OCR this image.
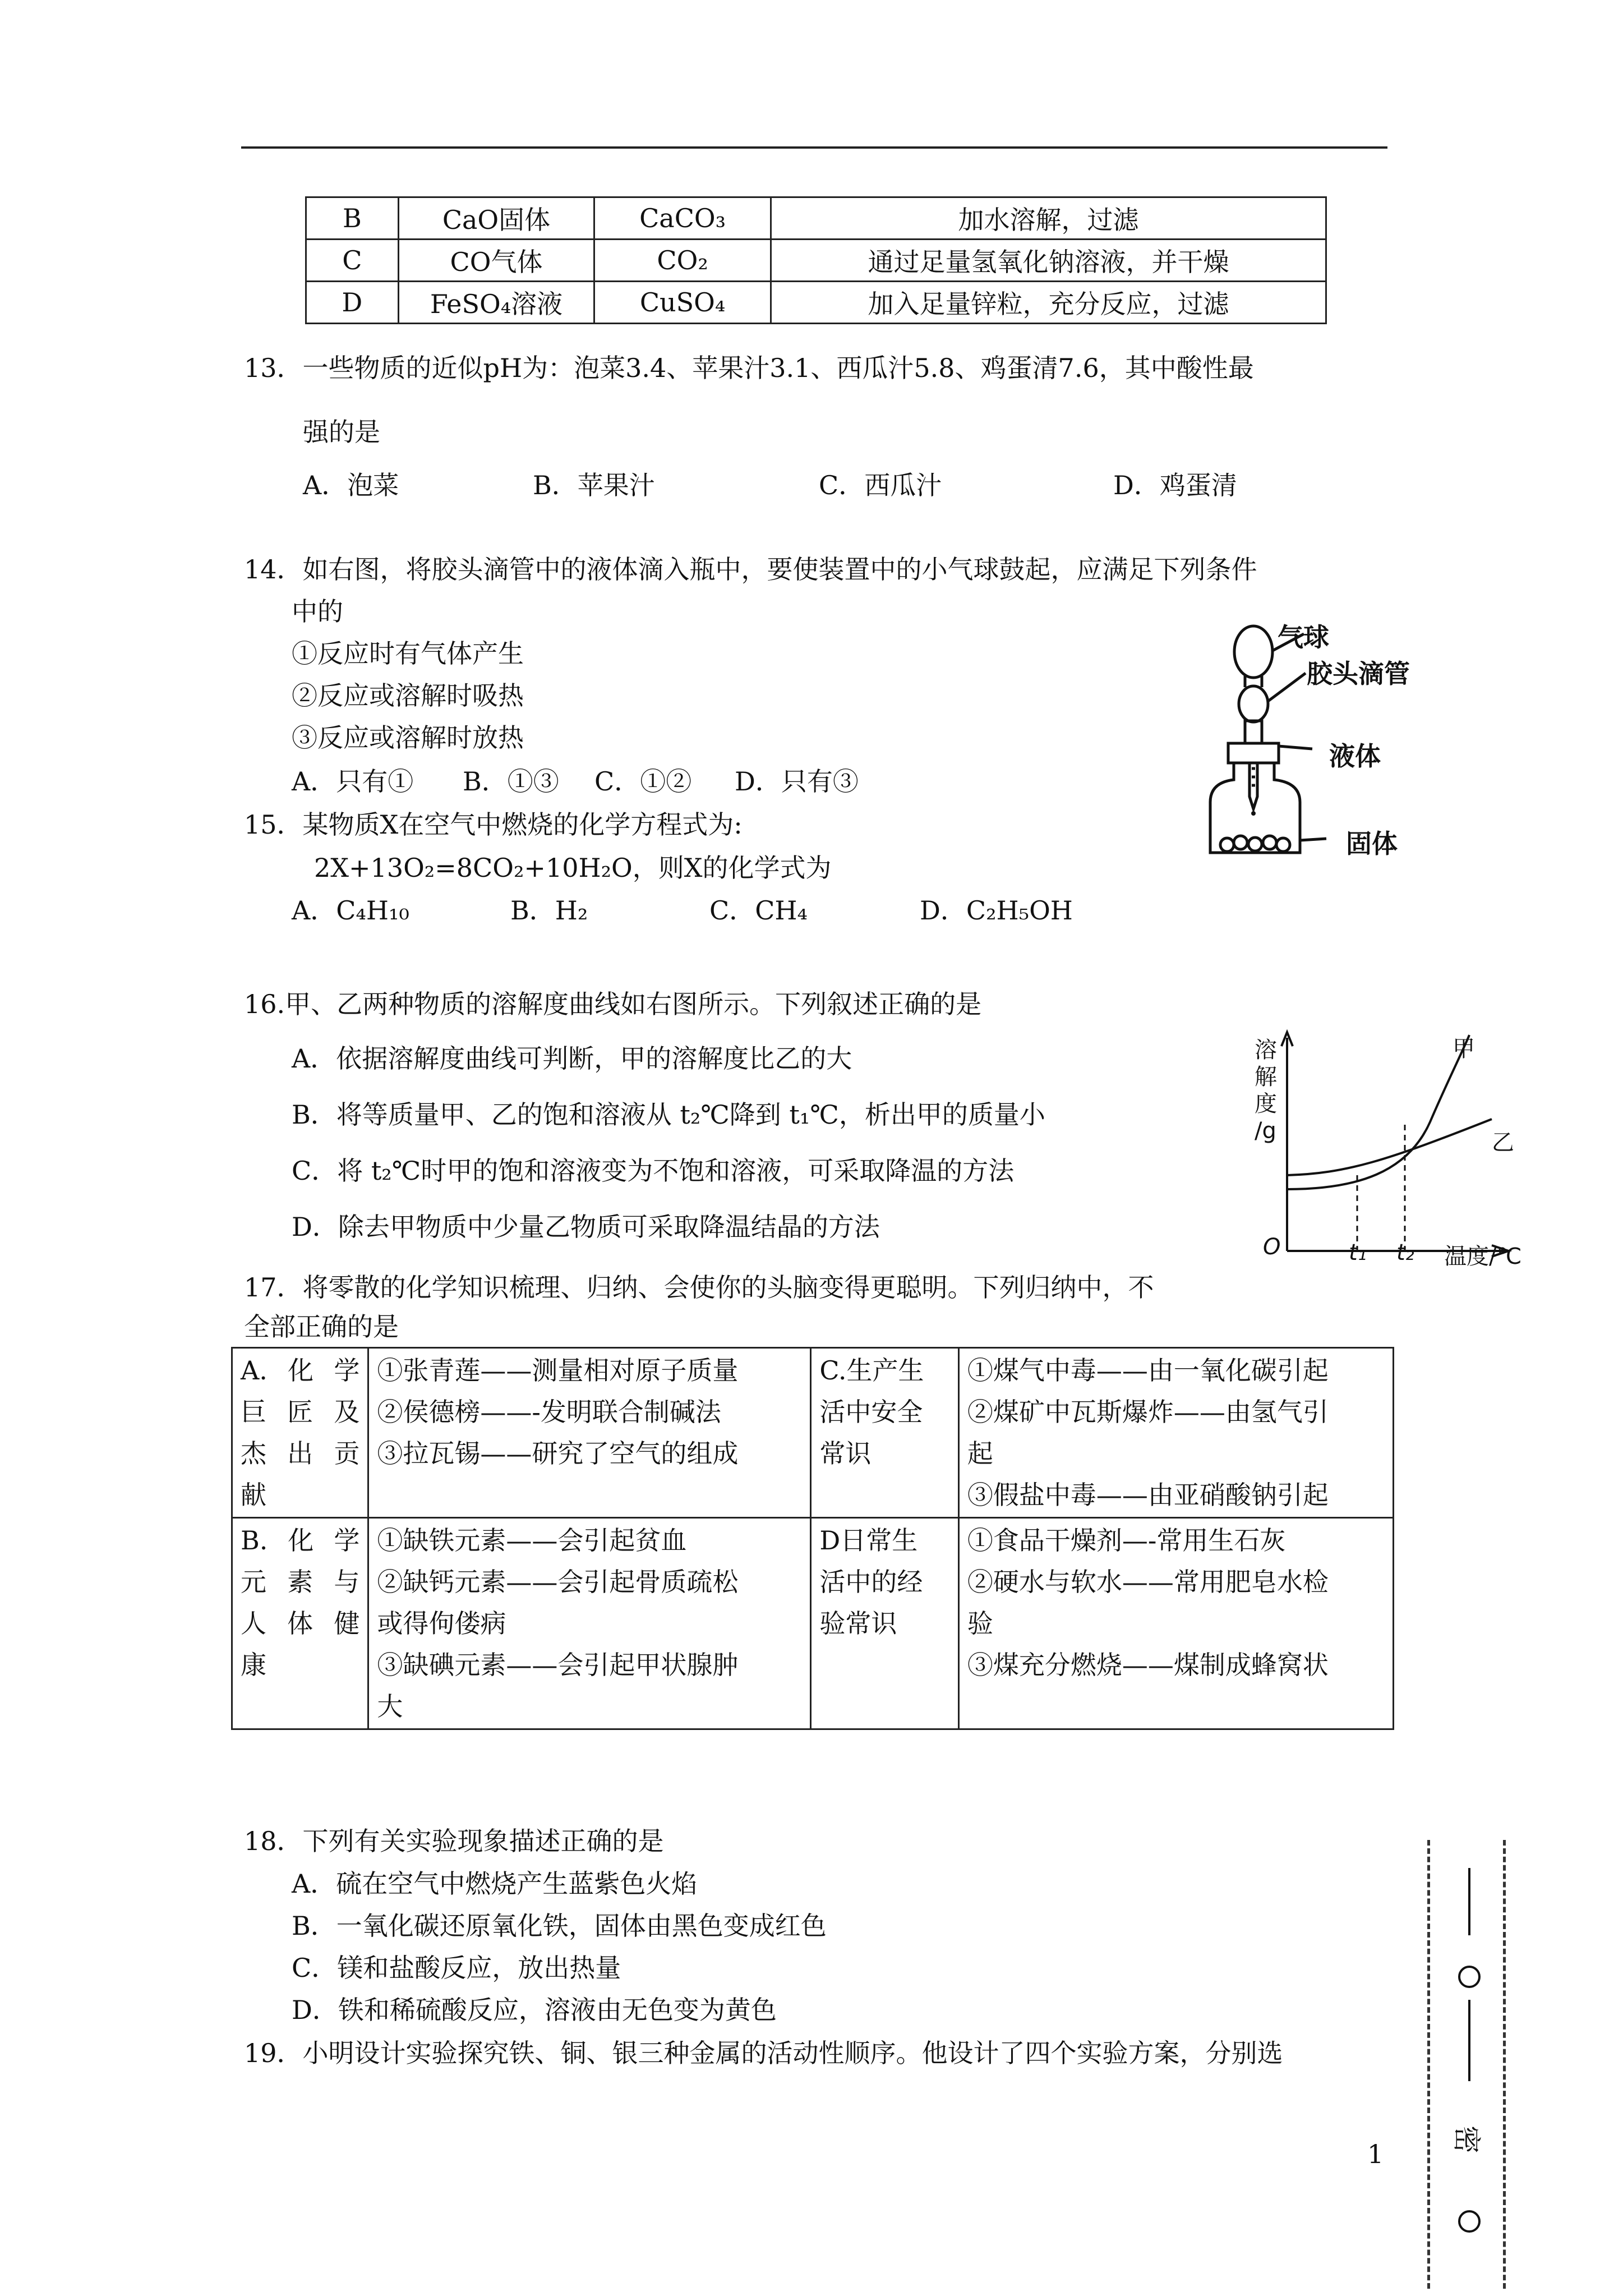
B	CaO固体	CaCO₃	加水溶解，过滤
C	CO气体	CO₂	通过足量氢氧化钠溶液，并干燥
D	FeSO₄溶液	CuSO₄	加入足量锌粒，充分反应，过滤
13．一些物质的近似pH为：泡菜3.4、苹果汁3.1、西瓜汁5.8、鸡蛋清7.6，其中酸性最
强的是
A．泡菜	B．苹果汁	C．西瓜汁	D．鸡蛋清
14．如右图，将胶头滴管中的液体滴入瓶中，要使装置中的小气球鼓起，应满足下列条件
中的
①反应时有气体产生
②反应或溶解时吸热
③反应或溶解时放热
A．只有① B．①③ C．①② D．只有③
气球
胶头滴管
液体
固体
15．某物质X在空气中燃烧的化学方程式为:
2X+13O₂=8CO₂+10H₂O，则X的化学式为
A．C₄H₁₀	B．H₂	C．CH₄	D．C₂H₅OH
16.甲、乙两种物质的溶解度曲线如右图所示。下列叙述正确的是
A．依据溶解度曲线可判断，甲的溶解度比乙的大
B．将等质量甲、乙的饱和溶液从 t₂℃降到 t₁℃，析出甲的质量小
C．将 t₂℃时甲的饱和溶液变为不饱和溶液，可采取降温的方法
D．除去甲物质中少量乙物质可采取降温结晶的方法
溶
解
度
/g
O	t₁ t₂ 温度/℃
甲
乙
17．将零散的化学知识梳理、归纳、会使你的头脑变得更聪明。下列归纳中，不
全部正确的是
A.化学
巨匠及
杰出贡
献	①张青莲——测量相对原子质量
②侯德榜——-发明联合制碱法
③拉瓦锡——研究了空气的组成	C.生产生
活中安全
常识	①煤气中毒——由一氧化碳引起
②煤矿中瓦斯爆炸——由氢气引
起
③假盐中毒——由亚硝酸钠引起

B.化学
元素与
人体健
康	①缺铁元素——会引起贫血
②缺钙元素——会引起骨质疏松
或得佝偻病
③缺碘元素——会引起甲状腺肿
大	D日常生
活中的经
验常识	①食品干燥剂—-常用生石灰
②硬水与软水——常用肥皂水检
验
③煤充分燃烧——煤制成蜂窝状
18．下列有关实验现象描述正确的是
A．硫在空气中燃烧产生蓝紫色火焰
B．一氧化碳还原氧化铁，固体由黑色变成红色
C．镁和盐酸反应，放出热量
D．铁和稀硫酸反应，溶液由无色变为黄色
19．小明设计实验探究铁、铜、银三种金属的活动性顺序。他设计了四个实验方案，分别选
1 密
